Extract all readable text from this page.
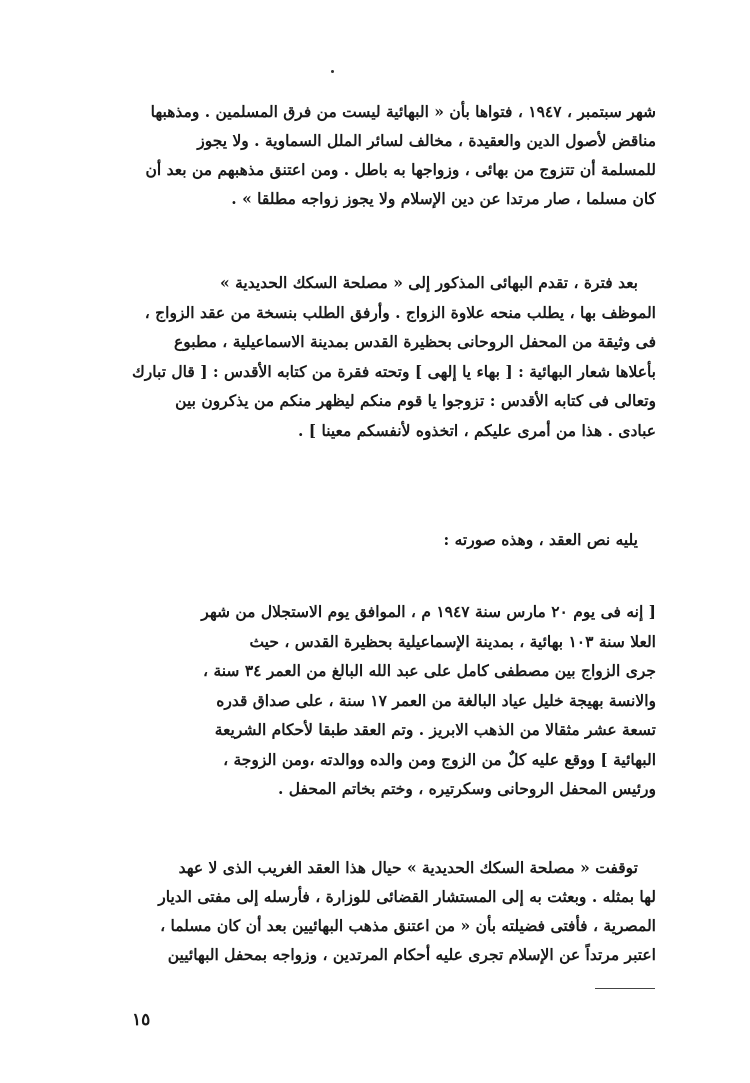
شهر سبتمبر ، ١٩٤٧ ، فتواها بأن « البهائية ليست من فرق المسلمين . ومذهبها
مناقض لأصول الدين والعقيدة ، مخالف لسائر الملل السماوية . ولا يجوز
للمسلمة أن تتزوج من بهائى ، وزواجها به باطل . ومن اعتنق مذهبهم من بعد أن
كان مسلما ، صار مرتدا عن دين الإسلام ولا يجوز زواجه مطلقا » .

بعد فترة ، تقدم البهائى المذكور إلى « مصلحة السكك الحديدية »
الموظف بها ، يطلب منحه علاوة الزواج . وأرفق الطلب بنسخة من عقد الزواج ،
فى وثيقة من المحفل الروحانى بحظيرة القدس بمدينة الاسماعيلية ، مطبوع
بأعلاها شعار البهائية : [ بهاء يا إلهى ] وتحته فقرة من كتابه الأقدس : [ قال تبارك
وتعالى فى كتابه الأقدس : تزوجوا يا قوم منكم ليظهر منكم من يذكرون بين
عبادى . هذا من أمرى عليكم ، اتخذوه لأنفسكم معينا ] .

يليه نص العقد ، وهذه صورته :

[ إنه فى يوم ٢٠ مارس سنة ١٩٤٧ م ، الموافق يوم الاستجلال من شهر
العلا سنة ١٠٣ بهائية ، بمدينة الإسماعيلية بحظيرة القدس ، حيث
جرى الزواج بين مصطفى كامل على عبد الله البالغ من العمر ٣٤ سنة ،
والانسة بهيجة خليل عياد البالغة من العمر ١٧ سنة ، على صداق قدره
تسعة عشر مثقالا من الذهب الابريز . وتم العقد طبقا لأحكام الشريعة
البهائية ] ووقع عليه كلٌ من الزوج ومن والده ووالدته ،ومن الزوجة ،
ورئيس المحفل الروحانى وسكرتيره ، وختم بخاتم المحفل .

توقفت « مصلحة السكك الحديدية » حيال هذا العقد الغريب الذى لا عهد
لها بمثله . وبعثت به إلى المستشار القضائى للوزارة ، فأرسله إلى مفتى الديار
المصرية ، فأفتى فضيلته بأن « من اعتنق مذهب البهائيين بعد أن كان مسلما ،
اعتبر مرتداً عن الإسلام تجرى عليه أحكام المرتدين ، وزواجه بمحفل البهائيين

١٥
